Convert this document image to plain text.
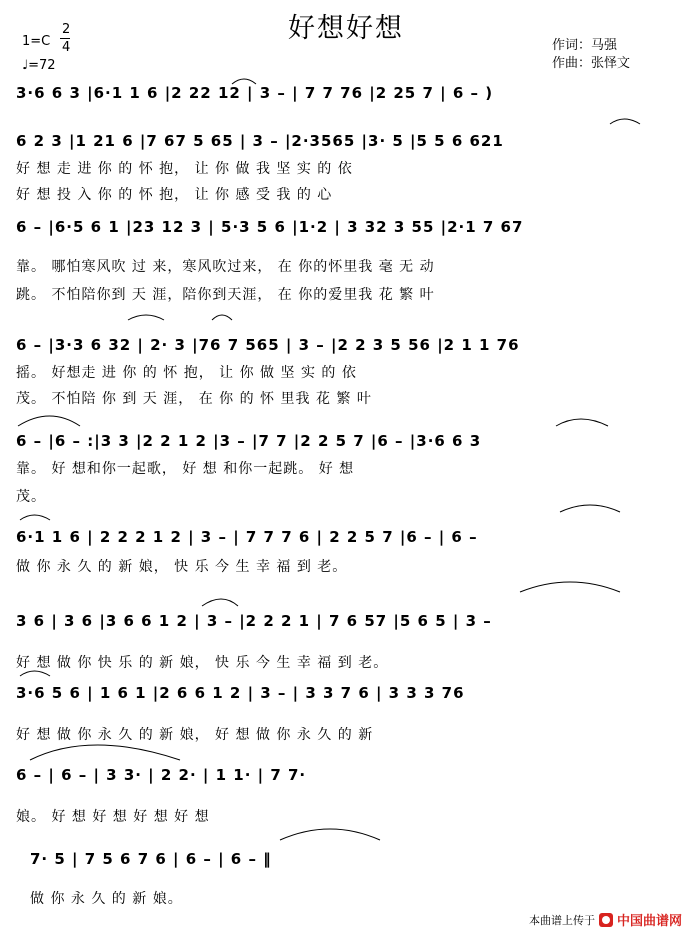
好想好想
1=C
2
4
♩=72
作词：马强
作曲：张怿文
3·6 6 3 |6·1 1 6 |2 22 12 | 3 – | 7 7 76 |2 25 7 | 6 – )
6 2 3 |1 21 6 |7 67 5 65 | 3 – |2·3565 |3· 5 |5 5 6 621
好 想 走 进 你 的 怀 抱， 让 你 做 我 坚 实 的 依
好 想 投 入 你 的 怀 抱， 让 你 感 受 我 的 心
6 – |6·5 6 1 |23 12 3 | 5·3 5 6 |1·2 | 3 32 3 55 |2·1 7 67
靠。 哪怕寒风吹 过 来，寒风吹过来， 在 你的怀里我 毫 无 动
跳。 不怕陪你到 天 涯，陪你到天涯， 在 你的爱里我 花 繁 叶
6 – |3·3 6 32 | 2· 3 |76 7 565 | 3 – |2 2 3 5 56 |2 1 1 76
摇。 好想走 进 你 的 怀 抱， 让 你 做 坚 实 的 依
茂。 不怕陪 你 到 天 涯， 在 你 的 怀 里我 花 繁 叶
6 – |6 – :|3 3 |2 2 1 2 |3 – |7 7 |2 2 5 7 |6 – |3·6 6 3
靠。 好 想和你一起歌， 好 想 和你一起跳。 好 想
茂。
6·1 1 6 | 2 2 2 1 2 | 3 – | 7 7 7 6 | 2 2 5 7 |6 – | 6 –
做 你 永 久 的 新 娘， 快 乐 今 生 幸 福 到 老。
3 6 | 3 6 |3 6 6 1 2 | 3 – |2 2 2 1 | 7 6 57 |5 6 5 | 3 –
好 想 做 你 快 乐 的 新 娘， 快 乐 今 生 幸 福 到 老。
3·6 5 6 | 1 6 1 |2 6 6 1 2 | 3 – | 3 3 7 6 | 3 3 3 76
好 想 做 你 永 久 的 新 娘， 好 想 做 你 永 久 的 新
6 – | 6 – | 3 3· | 2 2· | 1 1· | 7 7·
娘。 好 想 好 想 好 想 好 想
7· 5 | 7 5 6 7 6 | 6 – | 6 – ‖
做 你 永 久 的 新 娘。
本曲谱上传于 中国曲谱网
